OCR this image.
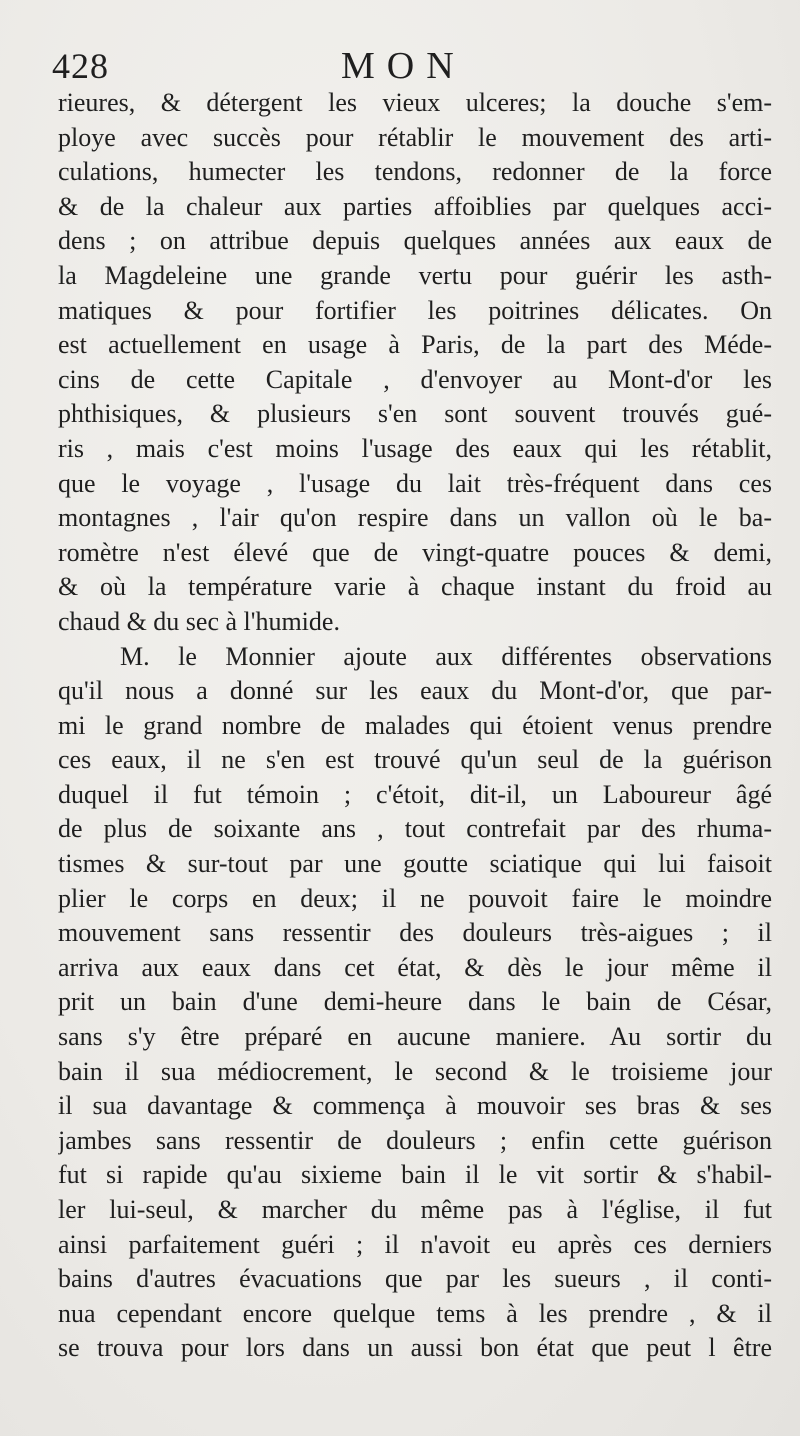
428	MON
rieures, & détergent les vieux ulceres; la douche s'em-
ploye avec succès pour rétablir le mouvement des arti-
culations, humecter les tendons, redonner de la force
& de la chaleur aux parties affoiblies par quelques acci-
dens ; on attribue depuis quelques années aux eaux de
la Magdeleine une grande vertu pour guérir les asth-
matiques & pour fortifier les poitrines délicates. On
est actuellement en usage à Paris, de la part des Méde-
cins de cette Capitale , d'envoyer au Mont-d'or les
phthisiques, & plusieurs s'en sont souvent trouvés gué-
ris , mais c'est moins l'usage des eaux qui les rétablit,
que le voyage , l'usage du lait très-fréquent dans ces
montagnes , l'air qu'on respire dans un vallon où le ba-
romètre n'est élevé que de vingt-quatre pouces & demi,
& où la température varie à chaque instant du froid au
chaud & du sec à l'humide.
M. le Monnier ajoute aux différentes observations
qu'il nous a donné sur les eaux du Mont-d'or, que par-
mi le grand nombre de malades qui étoient venus prendre
ces eaux, il ne s'en est trouvé qu'un seul de la guérison
duquel il fut témoin ; c'étoit, dit-il, un Laboureur âgé
de plus de soixante ans , tout contrefait par des rhuma-
tismes & sur-tout par une goutte sciatique qui lui faisoit
plier le corps en deux; il ne pouvoit faire le moindre
mouvement sans ressentir des douleurs très-aigues ; il
arriva aux eaux dans cet état, & dès le jour même il
prit un bain d'une demi-heure dans le bain de César,
sans s'y être préparé en aucune maniere. Au sortir du
bain il sua médiocrement, le second & le troisieme jour
il sua davantage & commença à mouvoir ses bras & ses
jambes sans ressentir de douleurs ; enfin cette guérison
fut si rapide qu'au sixieme bain il le vit sortir & s'habil-
ler lui-seul, & marcher du même pas à l'église, il fut
ainsi parfaitement guéri ; il n'avoit eu après ces derniers
bains d'autres évacuations que par les sueurs , il conti-
nua cependant encore quelque tems à les prendre , & il
se trouva pour lors dans un aussi bon état que peut l être
